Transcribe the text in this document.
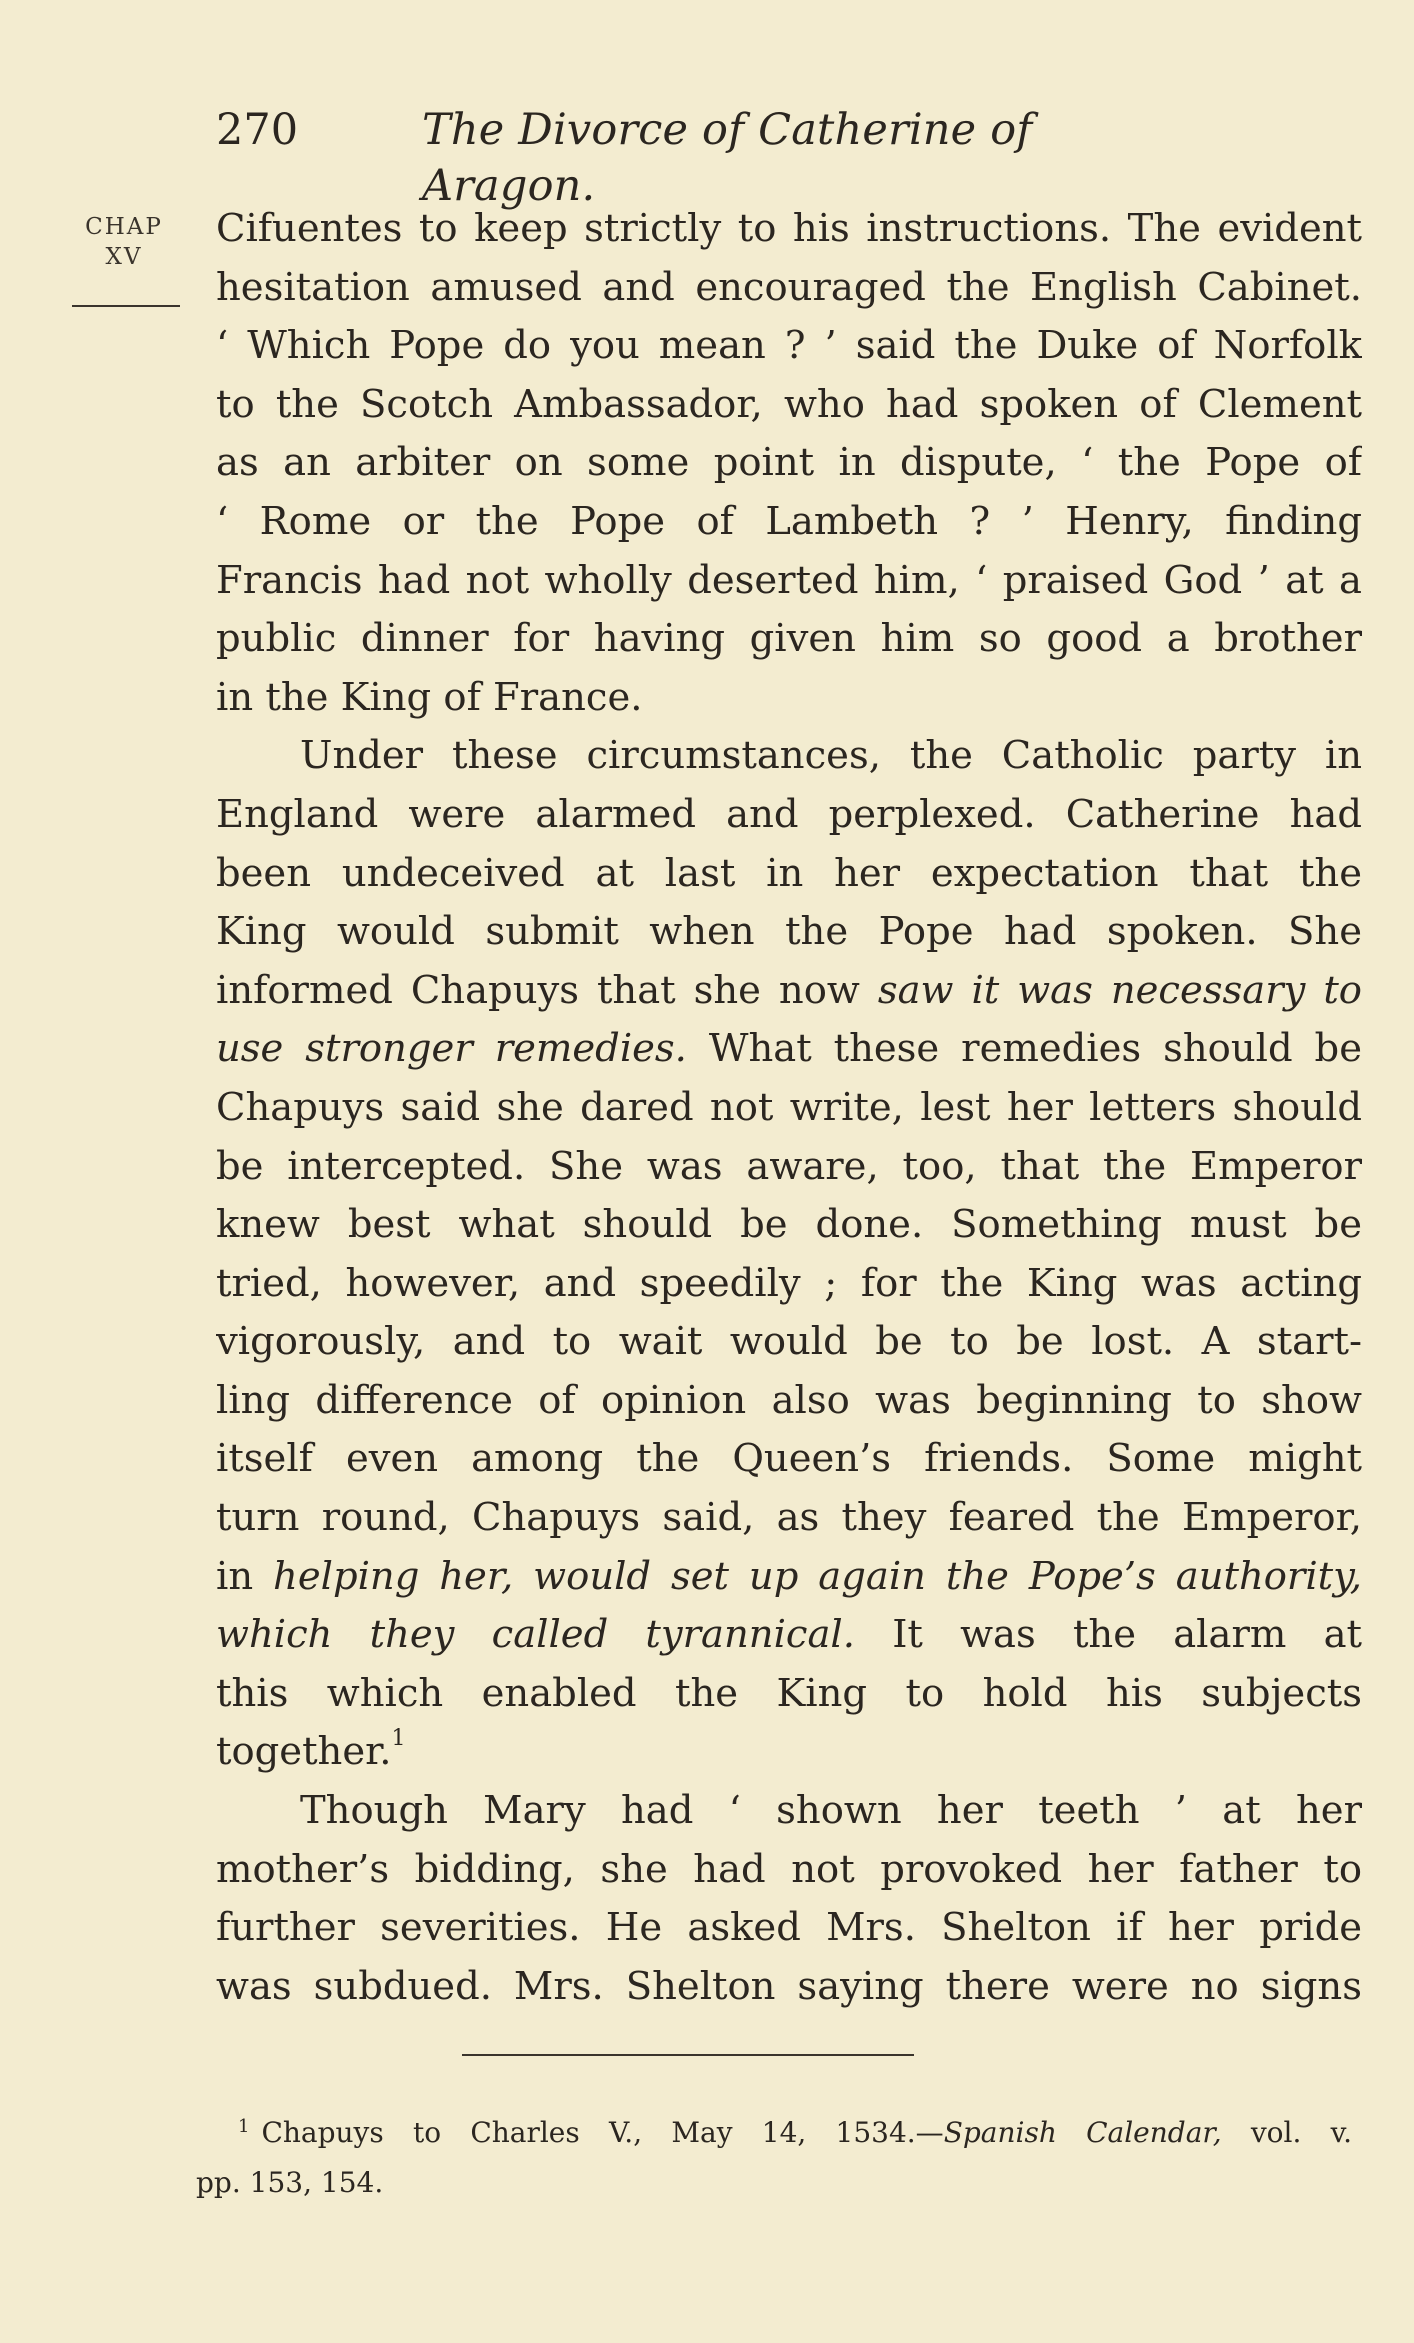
270	The Divorce of Catherine of Aragon.
CHAP
XV
Cifuentes to keep strictly to his instructions. The evident
hesitation amused and encouraged the English Cabinet.
‘ Which Pope do you mean ? ’ said the Duke of Norfolk
to the Scotch Ambassador, who had spoken of Clement
as an arbiter on some point in dispute, ‘ the Pope of
‘ Rome or the Pope of Lambeth ? ’ Henry, finding
Francis had not wholly deserted him, ‘ praised God ’ at a
public dinner for having given him so good a brother
in the King of France.
Under these circumstances, the Catholic party in
England were alarmed and perplexed. Catherine had
been undeceived at last in her expectation that the
King would submit when the Pope had spoken. She
informed Chapuys that she now saw it was necessary to
use stronger remedies. What these remedies should be
Chapuys said she dared not write, lest her letters should
be intercepted. She was aware, too, that the Emperor
knew best what should be done. Something must be
tried, however, and speedily ; for the King was acting
vigorously, and to wait would be to be lost. A start-
ling difference of opinion also was beginning to show
itself even among the Queen’s friends. Some might
turn round, Chapuys said, as they feared the Emperor,
in helping her, would set up again the Pope’s authority,
which they called tyrannical. It was the alarm at
this which enabled the King to hold his subjects
together.$^1$
Though Mary had ‘ shown her teeth ’ at her
mother’s bidding, she had not provoked her father to
further severities. He asked Mrs. Shelton if her pride
was subdued. Mrs. Shelton saying there were no signs
$^1$ Chapuys to Charles V., May 14, 1534.—Spanish Calendar, vol. v.
pp. 153, 154.
